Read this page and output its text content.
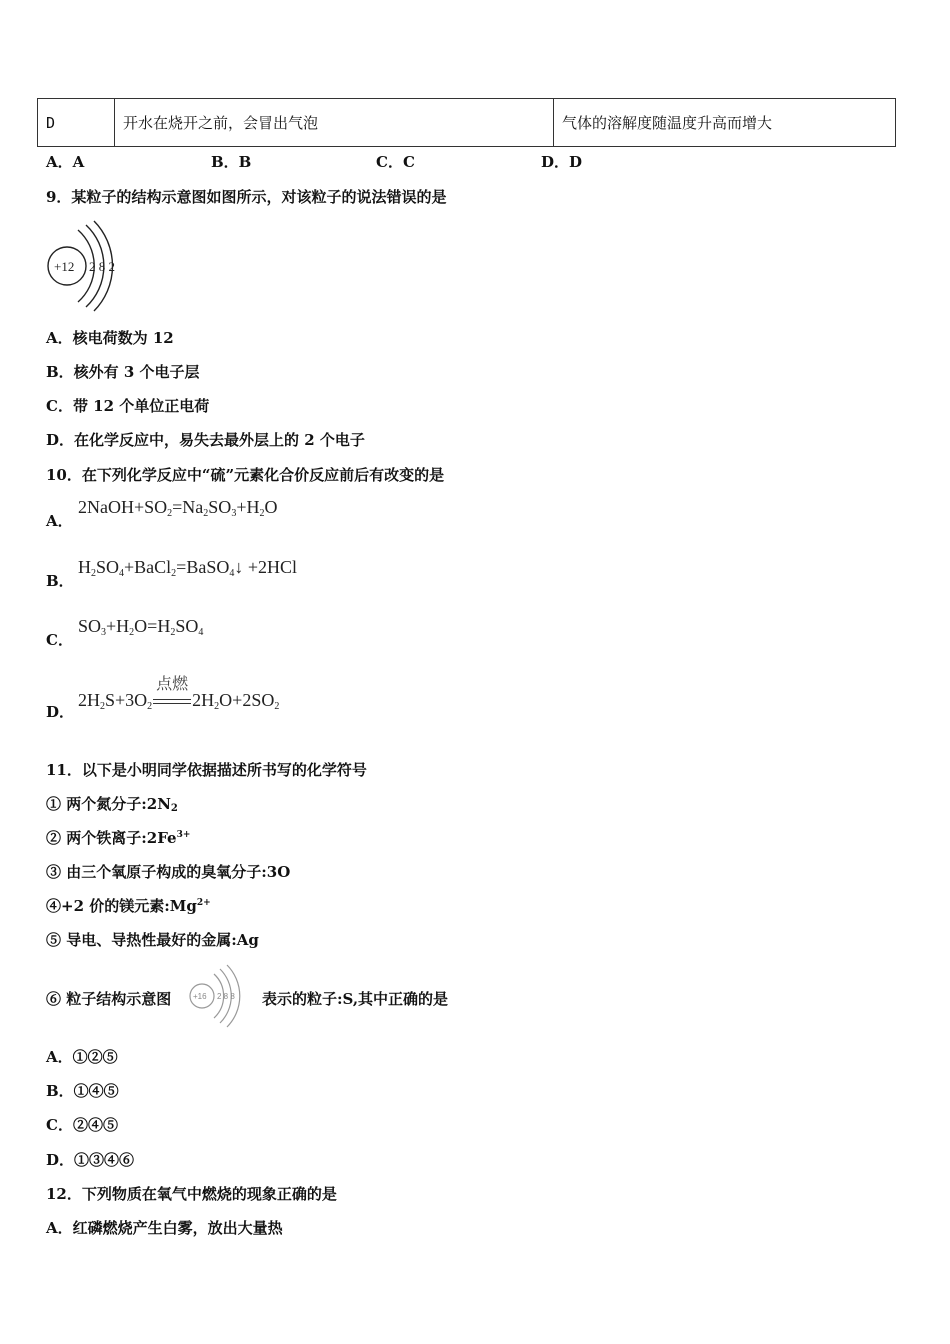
D	开水在烧开之前，会冒出气泡	气体的溶解度随温度升高而增大
A．A	B．B	C．C	D．D
9．某粒子的结构示意图如图所示，对该粒子的说法错误的是
+12 2 8 2
A．核电荷数为 12
B．核外有 3 个电子层
C．带 12 个单位正电荷
D．在化学反应中，易失去最外层上的 2 个电子
10．在下列化学反应中“硫”元素化合价反应前后有改变的是
A．
$2NaOH+SO_2=Na_2SO_3+H_2O$
B．
$H_2SO_4+BaCl_2=BaSO_4↓ +2HCl$
C．
$SO_3+H_2O=H_2SO_4$
D．
$2H_2S+3O_2$
点燃
$2H_2O+2SO_2$
11．以下是小明同学依据描述所书写的化学符号
① 两个氮分子$:2N_2$
② 两个铁离子$:2Fe^{3+}$
③ 由三个氧原子构成的臭氧分子:3O
④+2 价的镁元素$:Mg^{2+}$
⑤ 导电、导热性最好的金属:Ag
⑥ 粒子结构示意图	+16 2 8 8 表示的粒子:S,其中正确的是
A．①②⑤
B．①④⑤
C．②④⑤
D．①③④⑥
12．下列物质在氧气中燃烧的现象正确的是
A．红磷燃烧产生白雾，放出大量热
